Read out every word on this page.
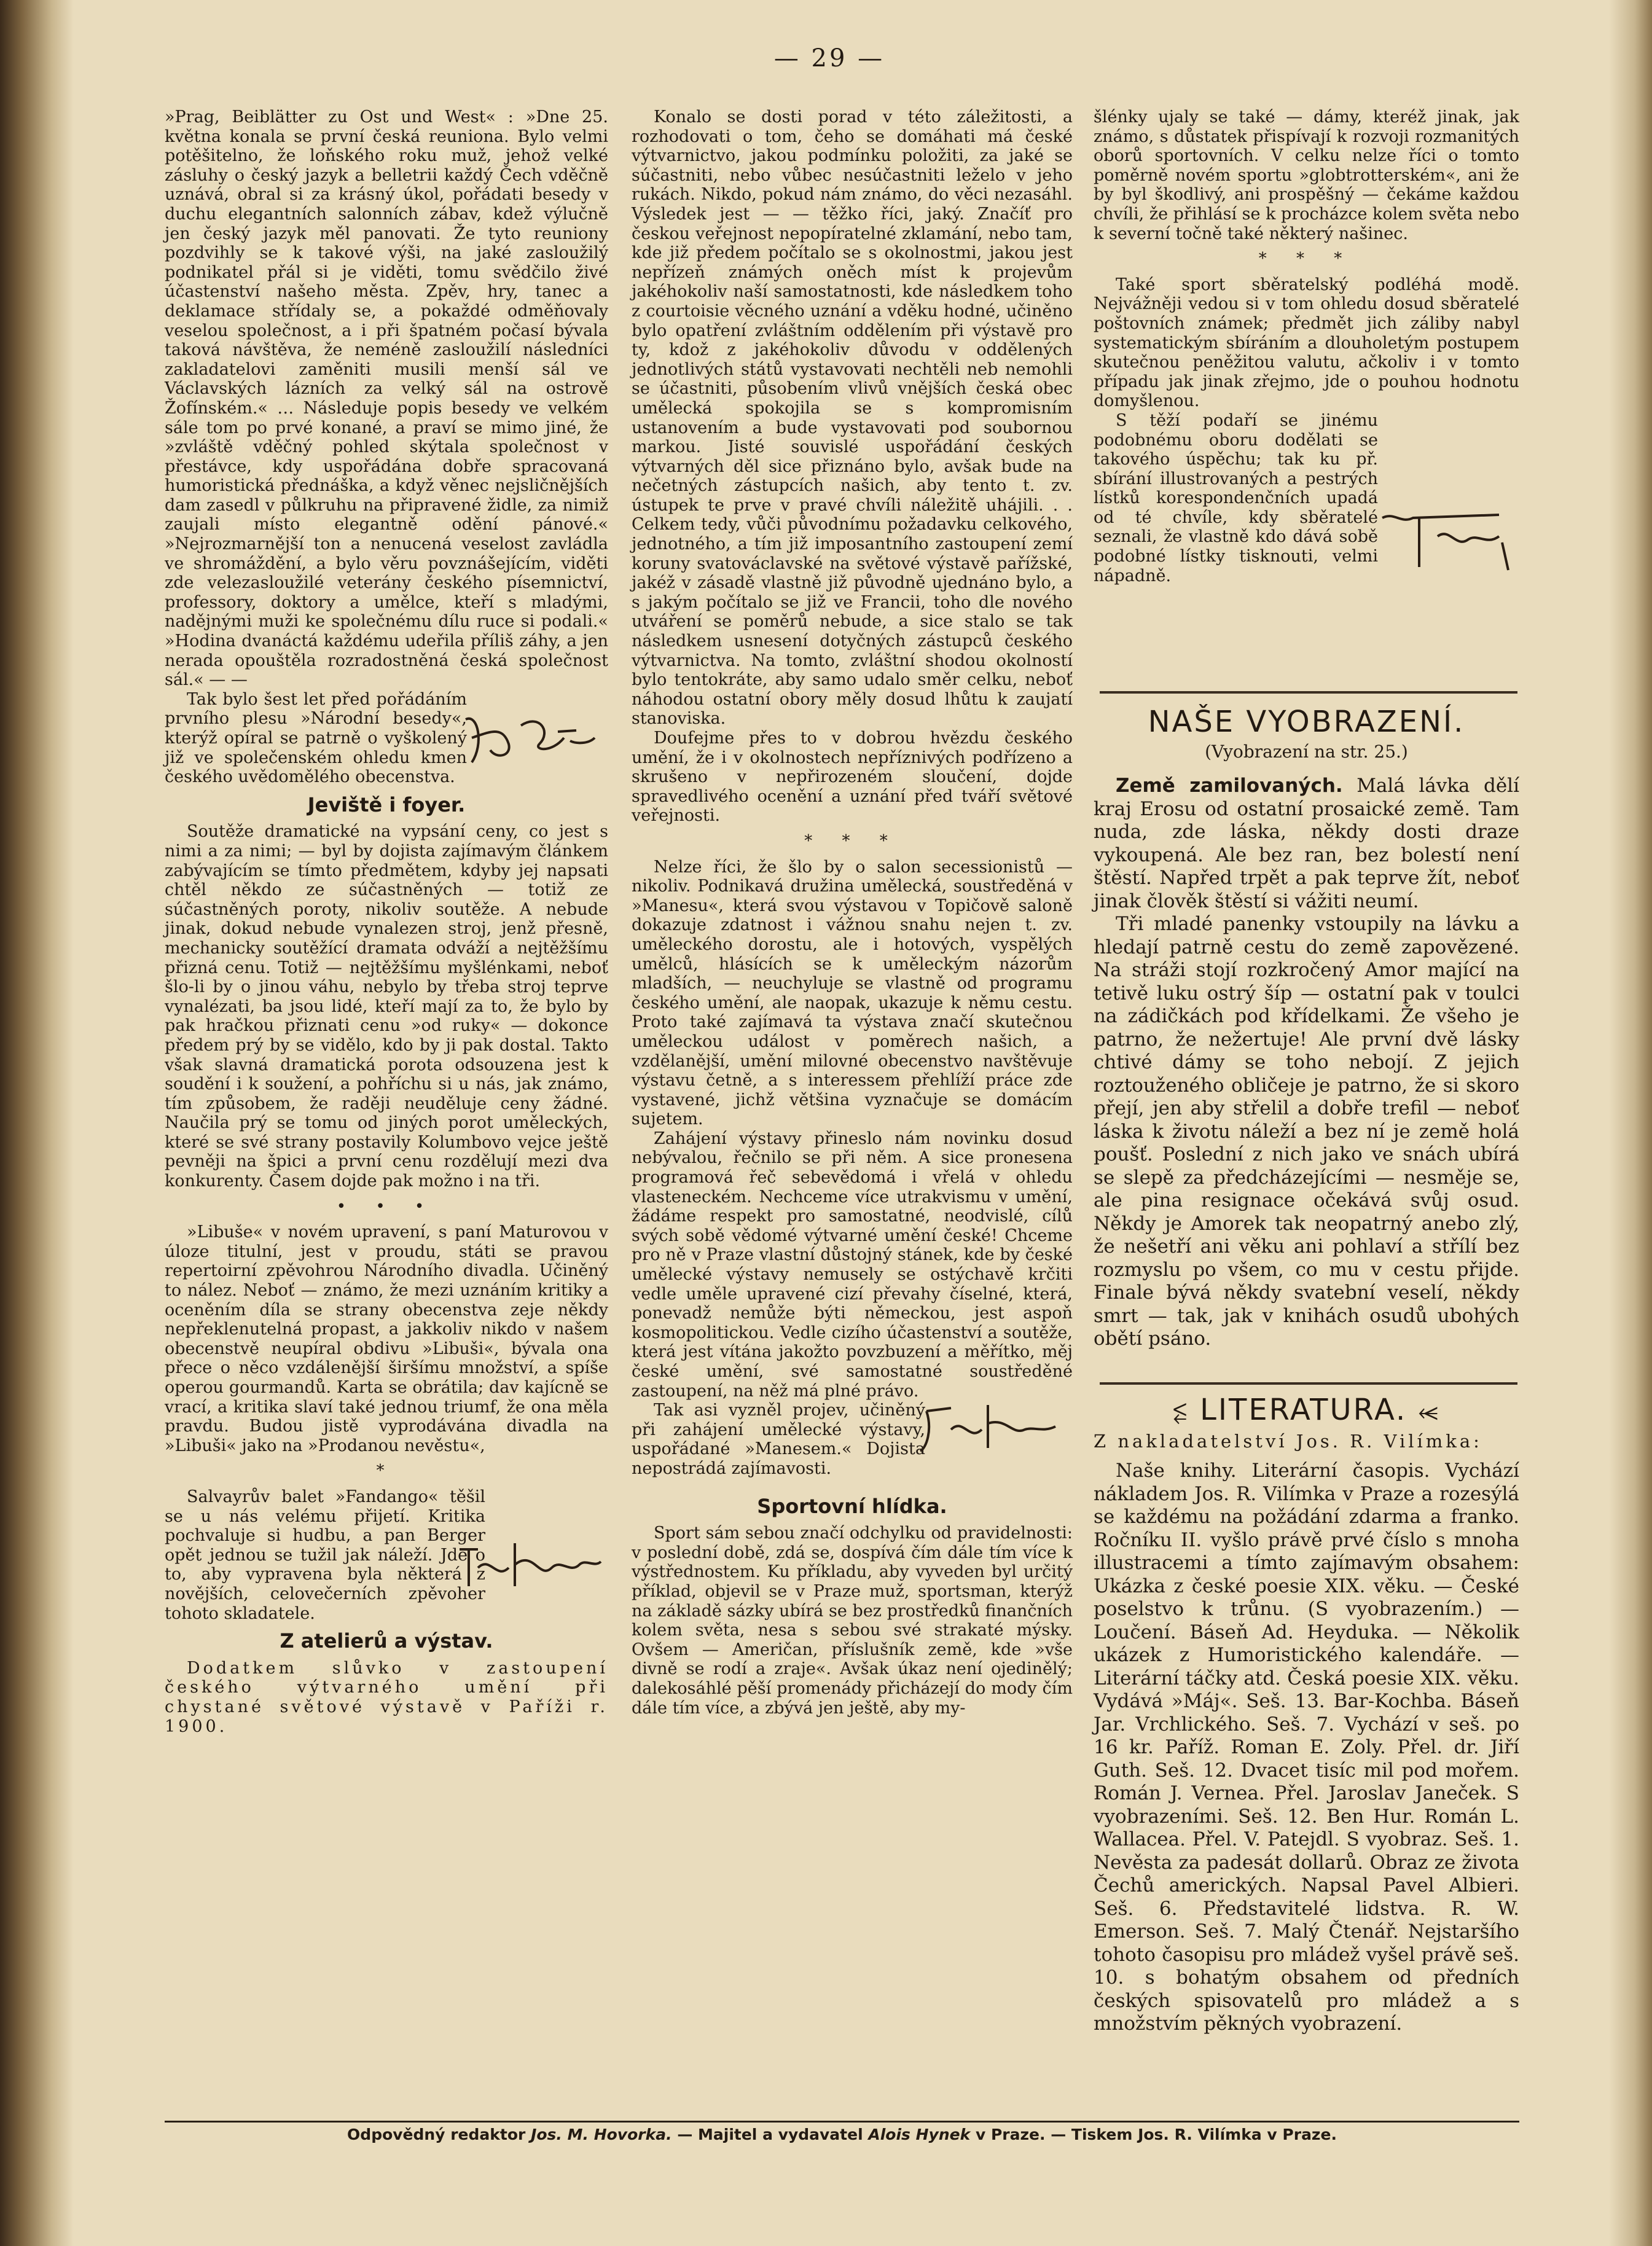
— 29 —

»Prag, Beiblätter zu Ost und West« : »Dne 25. května konala se první česká reuniona. Bylo velmi potěšitelno, že loňského roku muž, jehož velké zásluhy o český jazyk a belletrii každý Čech vděčně uznává, obral si za krásný úkol, pořádati besedy v duchu elegantních salonních zábav, kdež výlučně jen český jazyk měl panovati. Že tyto reuniony pozdvihly se k takové výši, na jaké zasloužilý podnikatel přál si je viděti, tomu svědčilo živé účastenství našeho města. Zpěv, hry, tanec a deklamace střídaly se, a pokaždé odměňovaly veselou společnost, a i při špatném počasí bývala taková návštěva, že neméně zasloužilí následníci zakladatelovi zaměniti musili menší sál ve Václavských lázních za velký sál na ostrově Žofínském.« … Následuje popis besedy ve velkém sále tom po prvé konané, a praví se mimo jiné, že »zvláště vděčný pohled skýtala společnost v přestávce, kdy uspořádána dobře spracovaná humoristická přednáška, a když věnec nejsličnějších dam zasedl v půlkruhu na připravené židle, za nimiž zaujali místo elegantně odění pánové.« »Nejrozmarnější ton a nenucená veselost zavládla ve shromáždění, a bylo věru povznášejícím, viděti zde velezasloužilé veterány českého písemnictví, professory, doktory a umělce, kteří s mladými, nadějnými muži ke společnému dílu ruce si podali.« »Hodina dvanáctá každému udeřila příliš záhy, a jen nerada opouštěla rozradostněná česká společnost sál.« — —

Tak bylo šest let před pořádáním prvního plesu »Národní besedy«, kterýž opíral se patrně o vyškolený již ve společenském ohledu kmen českého uvědomělého obecenstva.

Jeviště i foyer.

Soutěže dramatické na vypsání ceny, co jest s nimi a za nimi; — byl by dojista zajímavým článkem zabývajícím se tímto předmětem, kdyby jej napsati chtěl někdo ze súčastněných — totiž ze súčastněných poroty, nikoliv soutěže. A nebude jinak, dokud nebude vynalezen stroj, jenž přesně, mechanicky soutěžící dramata odváží a nejtěžšímu přizná cenu. Totiž — nejtěžšímu myšlénkami, neboť šlo-li by o jinou váhu, nebylo by třeba stroj teprve vynalézati, ba jsou lidé, kteří mají za to, že bylo by pak hračkou přiznati cenu »od ruky« — dokonce předem prý by se vidělo, kdo by ji pak dostal. Takto však slavná dramatická porota odsouzena jest k soudění i k soužení, a pohříchu si u nás, jak známo, tím způsobem, že raději neuděluje ceny žádné. Naučila prý se tomu od jiných porot uměleckých, které se své strany postavily Kolumbovo vejce ještě pevněji na špici a první cenu rozdělují mezi dva konkurenty. Časem dojde pak možno i na tři.

• • •

»Libuše« v novém upravení, s paní Maturovou v úloze titulní, jest v proudu, státi se pravou repertoirní zpěvohrou Národního divadla. Učiněný to nález. Neboť — známo, že mezi uznáním kritiky a oceněním díla se strany obecenstva zeje někdy nepřeklenutelná propast, a jakkoliv nikdo v našem obecenstvě neupíral obdivu »Libuši«, bývala ona přece o něco vzdálenější širšímu množství, a spíše operou gourmandů. Karta se obrátila; dav kajícně se vrací, a kritika slaví také jednou triumf, že ona měla pravdu. Budou jistě vyprodávána divadla na »Libuši« jako na »Prodanou nevěstu«,

*

Salvayrův balet »Fandango« těšil se u nás velému přijetí. Kritika pochvaluje si hudbu, a pan Berger opět jednou se tužil jak náleží. Jde o to, aby vypravena byla některá z novějších, celovečerních zpěvoher tohoto skladatele.

Z atelierů a výstav.

Dodatkem slůvko v zastoupení českého výtvarného umění při chystané světové výstavě v Paříži r. 1900.

Konalo se dosti porad v této záležitosti, a rozhodovati o tom, čeho se domáhati má české výtvarnictvo, jakou podmínku položiti, za jaké se súčastniti, nebo vůbec nesúčastniti leželo v jeho rukách. Nikdo, pokud nám známo, do věci nezasáhl. Výsledek jest — — těžko říci, jaký. Značíť pro českou veřejnost nepopíratelné zklamání, nebo tam, kde již předem počítalo se s okolnostmi, jakou jest nepřízeň známých oněch míst k projevům jakéhokoliv naší samostatnosti, kde následkem toho z courtoisie věcného uznání a vděku hodné, učiněno bylo opatření zvláštním oddělením při výstavě pro ty, kdož z jakéhokoliv důvodu v oddělených jednotlivých států vystavovati nechtěli neb nemohli se účastniti, působením vlivů vnějších česká obec umělecká spokojila se s kompromisním ustanovením a bude vystavovati pod soubornou markou. Jisté souvislé uspořádání českých výtvarných děl sice přiznáno bylo, avšak bude na nečetných zástupcích našich, aby tento t. zv. ústupek te prve v pravé chvíli náležitě uhájili. . . Celkem tedy, vůči původnímu požadavku celkového, jednotného, a tím již imposantního zastoupení zemí koruny svatováclavské na světové výstavě pařížské, jakéž v zásadě vlastně již původně ujednáno bylo, a s jakým počítalo se již ve Francii, toho dle nového utváření se poměrů nebude, a sice stalo se tak následkem usnesení dotyčných zástupců českého výtvarnictva. Na tomto, zvláštní shodou okolností bylo tentokráte, aby samo udalo směr celku, neboť náhodou ostatní obory měly dosud lhůtu k zaujatí stanoviska.

Doufejme přes to v dobrou hvězdu českého umění, že i v okolnostech nepříznivých podřízeno a skrušeno v nepřirozeném sloučení, dojde spravedlivého ocenění a uznání před tváří světové veřejnosti.

* * *

Nelze říci, že šlo by o salon secessionistů — nikoliv. Podnikavá družina umělecká, soustředěná v »Manesu«, která svou výstavou v Topičově saloně dokazuje zdatnost i vážnou snahu nejen t. zv. uměleckého dorostu, ale i hotových, vyspělých umělců, hlásících se k uměleckým názorům mladších, — neuchyluje se vlastně od programu českého umění, ale naopak, ukazuje k němu cestu. Proto také zajímavá ta výstava značí skutečnou uměleckou událost v poměrech našich, a vzdělanější, umění milovné obecenstvo navštěvuje výstavu četně, a s interessem přehlíží práce zde vystavené, jichž většina vyznačuje se domácím sujetem.

Zahájení výstavy přineslo nám novinku dosud nebývalou, řečnilo se při něm. A sice pronesena programová řeč sebevědomá i vřelá v ohledu vlasteneckém. Nechceme více utrakvismu v umění, žádáme respekt pro samostatné, neodvislé, cílů svých sobě vědomé výtvarné umění české! Chceme pro ně v Praze vlastní důstojný stánek, kde by české umělecké výstavy nemusely se ostýchavě krčiti vedle uměle upravené cizí převahy číselné, která, ponevadž nemůže býti německou, jest aspoň kosmopolitickou. Vedle cizího účastenství a soutěže, která jest vítána jakožto povzbuzení a měřítko, měj české umění, své samostatné soustředěné zastoupení, na něž má plné právo.

Tak asi vyzněl projev, učiněný při zahájení umělecké výstavy, uspořádané »Manesem.« Dojista nepostrádá zajímavosti.

Sportovní hlídka.

Sport sám sebou značí odchylku od pravidelnosti: v poslední době, zdá se, dospívá čím dále tím více k výstřednostem. Ku příkladu, aby vyveden byl určitý příklad, objevil se v Praze muž, sportsman, kterýž na základě sázky ubírá se bez prostředků finančních kolem světa, nesa s sebou své strakaté mýsky. Ovšem — Američan, příslušník země, kde »vše divně se rodí a zraje«. Avšak úkaz není ojedinělý; dalekosáhlé pěší promenády přicházejí do mody čím dále tím více, a zbývá jen ještě, aby my-

šlénky ujaly se také — dámy, kteréž jinak, jak známo, s důstatek přispívají k rozvoji rozmanitých oborů sportovních. V celku nelze říci o tomto poměrně novém sportu »globtrotterském«, ani že by byl škodlivý, ani prospěšný — čekáme každou chvíli, že přihlásí se k procházce kolem světa nebo k severní točně také některý našinec.

* * *

Také sport sběratelský podléhá modě. Nejvážněji vedou si v tom ohledu dosud sběratelé poštovních známek; předmět jich záliby nabyl systematickým sbíráním a dlouholetým postupem skutečnou peněžitou valutu, ačkoliv i v tomto případu jak jinak zřejmo, jde o pouhou hodnotu domyšlenou.

S těží podaří se jinému podobnému oboru dodělati se takového úspěchu; tak ku př. sbírání illustrovaných a pestrých lístků korespondenčních upadá od té chvíle, kdy sběratelé seznali, že vlastně kdo dává sobě podobné lístky tisknouti, velmi nápadně.

NAŠE VYOBRAZENÍ.
(Vyobrazení na str. 25.)

Země zamilovaných. Malá lávka dělí kraj Erosu od ostatní prosaické země. Tam nuda, zde láska, někdy dosti draze vykoupená. Ale bez ran, bez bolestí není štěstí. Napřed trpět a pak teprve žít, neboť jinak člověk štěstí si vážiti neumí.

Tři mladé panenky vstoupily na lávku a hledají patrně cestu do země zapovězené. Na stráži stojí rozkročený Amor mající na tetivě luku ostrý šíp — ostatní pak v toulci na zádičkách pod křídelkami. Že všeho je patrno, že nežertuje! Ale první dvě lásky chtivé dámy se toho nebojí. Z jejich roztouženého obličeje je patrno, že si skoro přejí, jen aby střelil a dobře trefil — neboť láska k životu náleží a bez ní je země holá poušť. Poslední z nich jako ve snách ubírá se slepě za předcházejícími — nesměje se, ale pina resignace očekává svůj osud. Někdy je Amorek tak neopatrný anebo zlý, že nešetří ani věku ani pohlaví a střílí bez rozmyslu po všem, co mu v cestu přijde. Finale bývá někdy svatební veselí, někdy smrt — tak, jak v knihách osudů ubohých obětí psáno.

⥶ LITERATURA. ⥷

Z nakladatelství Jos. R. Vilímka:

Naše knihy. Literární časopis. Vychází nákladem Jos. R. Vilímka v Praze a rozesýlá se každému na požádání zdarma a franko. Ročníku II. vyšlo právě prvé číslo s mnoha illustracemi a tímto zajímavým obsahem: Ukázka z české poesie XIX. věku. — České poselstvo k trůnu. (S vyobrazením.) — Loučení. Báseň Ad. Heyduka. — Několik ukázek z Humoristického kalendáře. — Literární táčky atd. Česká poesie XIX. věku. Vydává »Máj«. Seš. 13. Bar-Kochba. Báseň Jar. Vrchlického. Seš. 7. Vychází v seš. po 16 kr. Paříž. Roman E. Zoly. Přel. dr. Jiří Guth. Seš. 12. Dvacet tisíc mil pod mořem. Román J. Vernea. Přel. Jaroslav Janeček. S vyobrazeními. Seš. 12. Ben Hur. Román L. Wallacea. Přel. V. Patejdl. S vyobraz. Seš. 1. Nevěsta za padesát dollarů. Obraz ze života Čechů amerických. Napsal Pavel Albieri. Seš. 6. Představitelé lidstva. R. W. Emerson. Seš. 7. Malý Čtenář. Nejstaršího tohoto časopisu pro mládež vyšel právě seš. 10. s bohatým obsahem od předních českých spisovatelů pro mládež a s množstvím pěkných vyobrazení.

Odpovědný redaktor Jos. M. Hovorka. — Majitel a vydavatel Alois Hynek v Praze. — Tiskem Jos. R. Vilímka v Praze.
